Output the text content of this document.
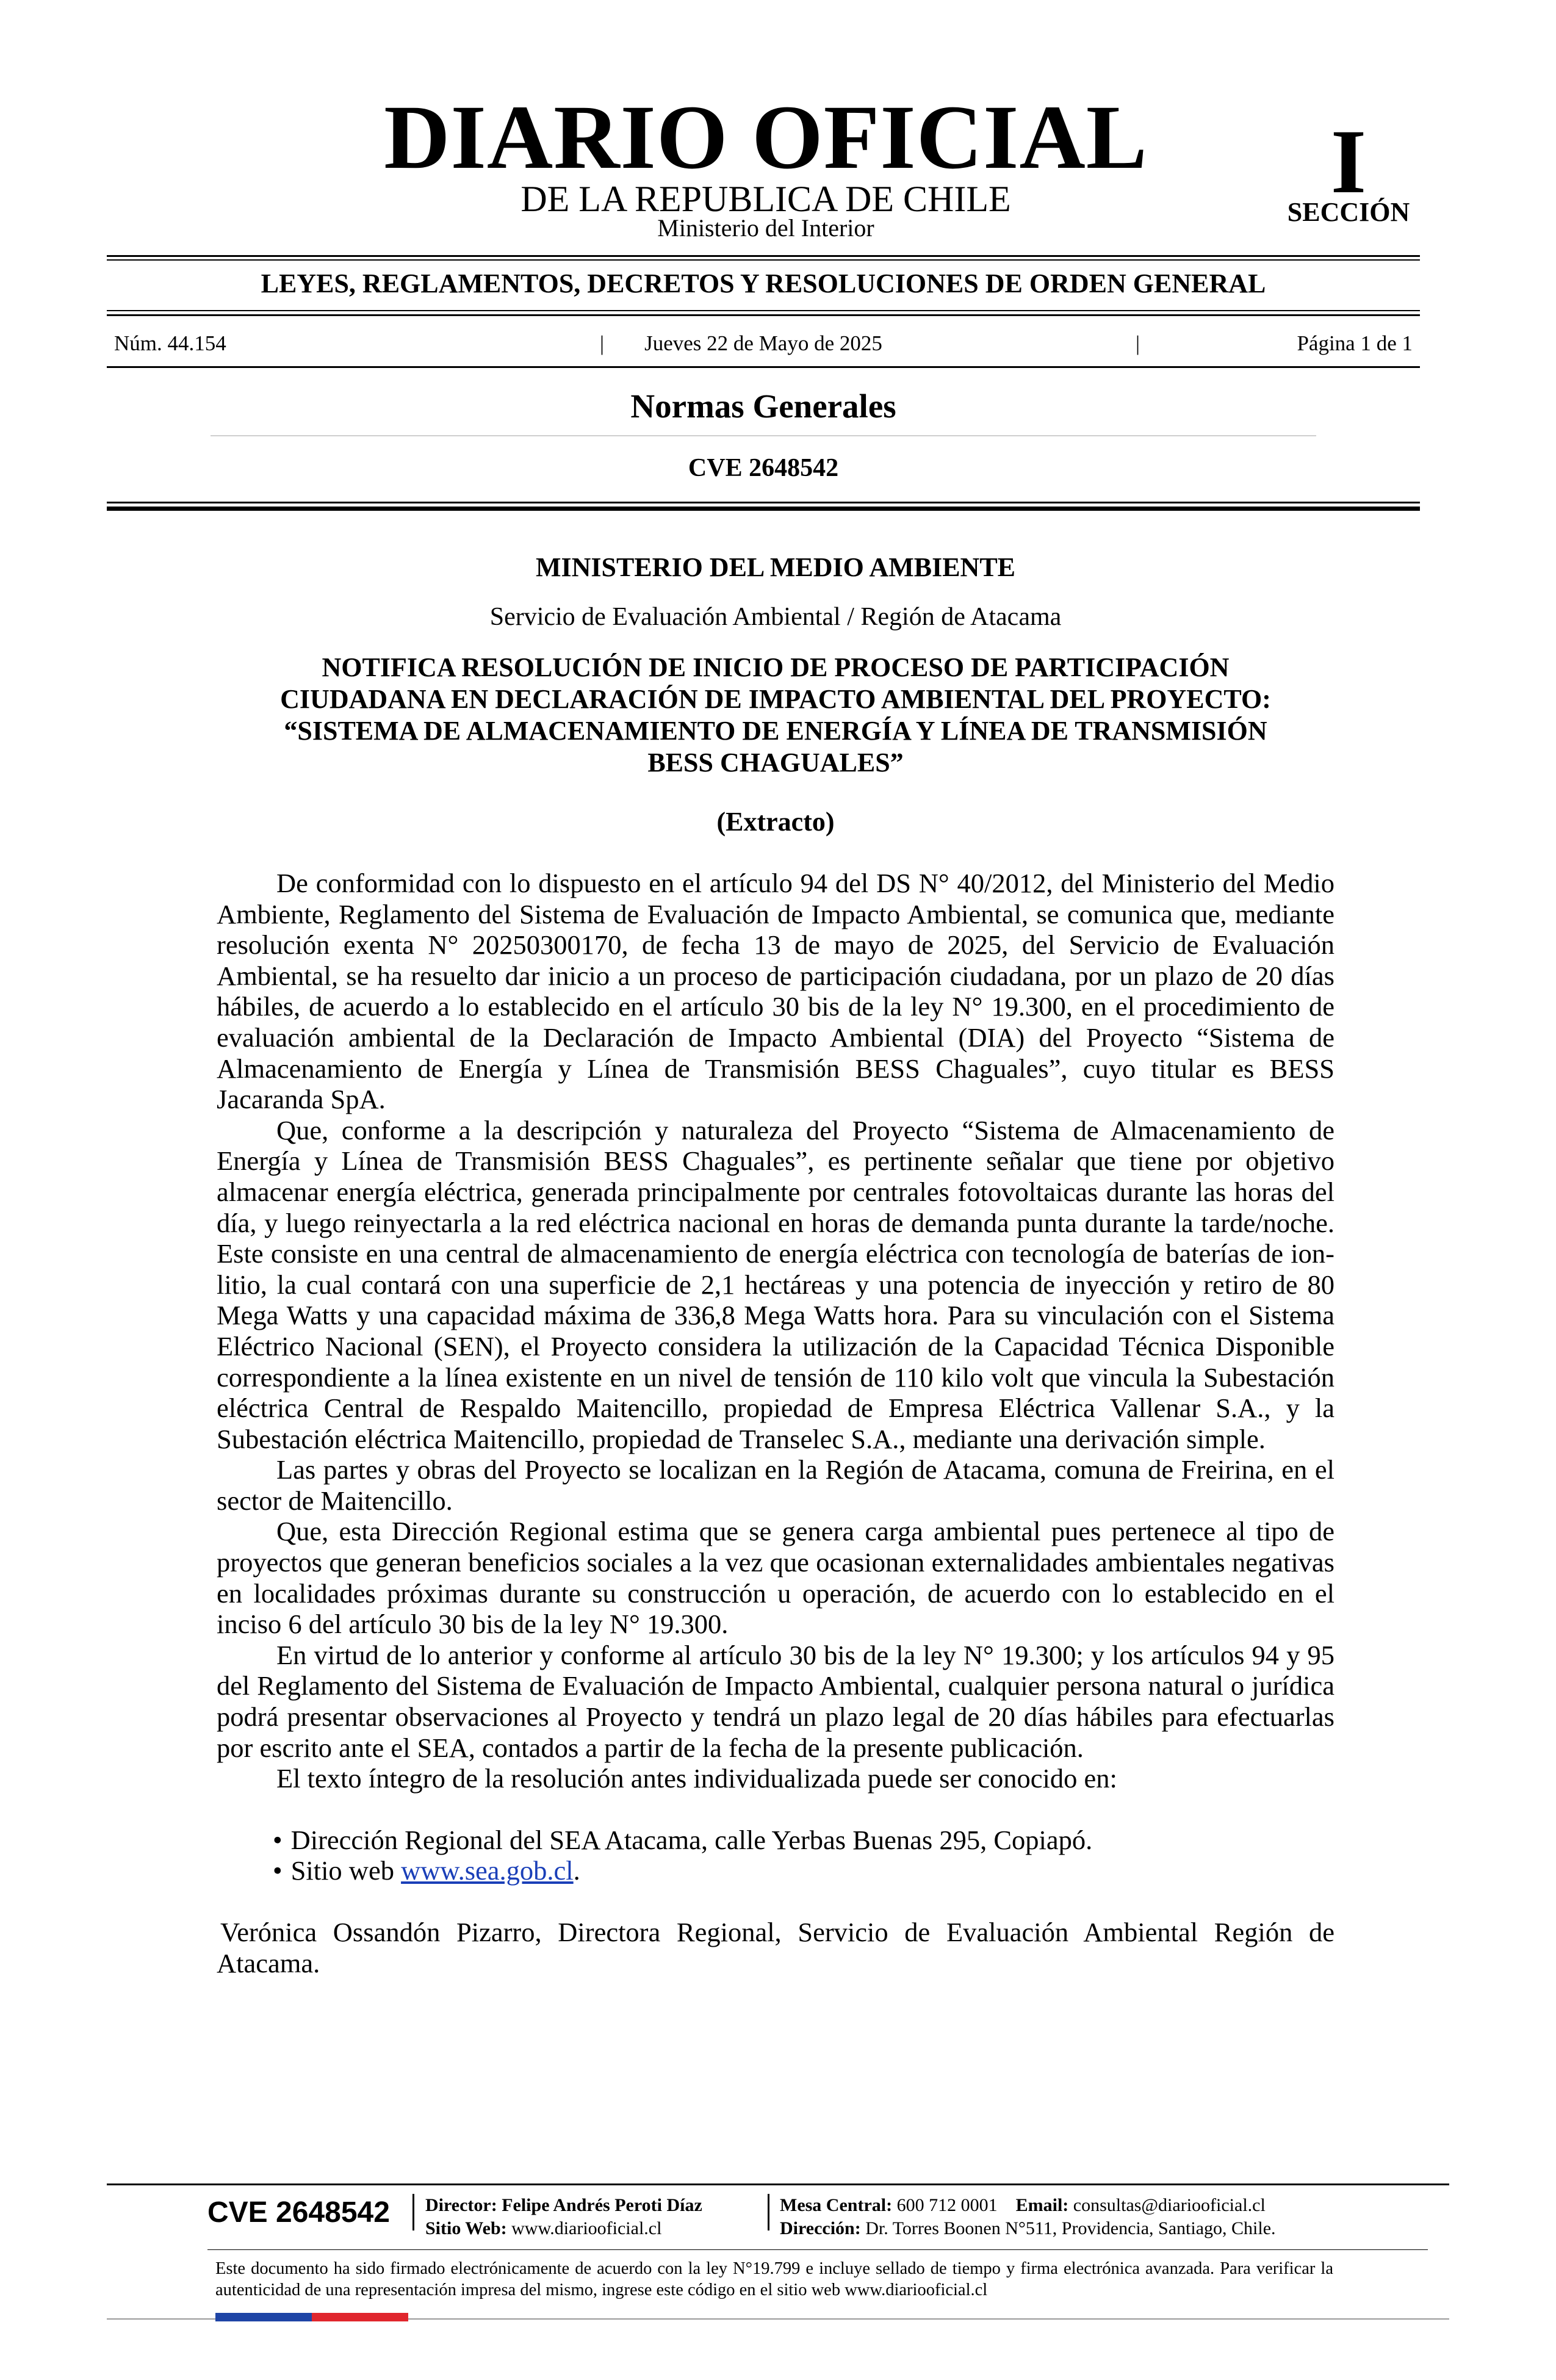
DIARIO OFICIAL
DE LA REPUBLICA DE CHILE
Ministerio del Interior
I
SECCIÓN
LEYES, REGLAMENTOS, DECRETOS Y RESOLUCIONES DE ORDEN GENERAL
Jueves 22 de Mayo de 2025
Núm. 44.154	|	|	Página 1 de 1
Normas Generales
CVE 2648542
MINISTERIO DEL MEDIO AMBIENTE
Servicio de Evaluación Ambiental / Región de Atacama
NOTIFICA RESOLUCIÓN DE INICIO DE PROCESO DE PARTICIPACIÓN
CIUDADANA EN DECLARACIÓN DE IMPACTO AMBIENTAL DEL PROYECTO:
“SISTEMA DE ALMACENAMIENTO DE ENERGÍA Y LÍNEA DE TRANSMISIÓN
BESS CHAGUALES”
(Extracto)

De conformidad con lo dispuesto en el artículo 94 del DS N° 40/2012, del Ministerio del Medio Ambiente, Reglamento del Sistema de Evaluación de Impacto Ambiental, se comunica que, mediante resolución exenta N° 20250300170, de fecha 13 de mayo de 2025, del Servicio de Evaluación Ambiental, se ha resuelto dar inicio a un proceso de participación ciudadana, por un plazo de 20 días hábiles, de acuerdo a lo establecido en el artículo 30 bis de la ley N° 19.300, en el procedimiento de evaluación ambiental de la Declaración de Impacto Ambiental (DIA) del Proyecto “Sistema de Almacenamiento de Energía y Línea de Transmisión BESS Chaguales”, cuyo titular es BESS Jacaranda SpA.

Que, conforme a la descripción y naturaleza del Proyecto “Sistema de Almacenamiento de Energía y Línea de Transmisión BESS Chaguales”, es pertinente señalar que tiene por objetivo almacenar energía eléctrica, generada principalmente por centrales fotovoltaicas durante las horas del día, y luego reinyectarla a la red eléctrica nacional en horas de demanda punta durante la tarde/noche. Este consiste en una central de almacenamiento de energía eléctrica con tecnología de baterías de ion-litio, la cual contará con una superficie de 2,1 hectáreas y una potencia de inyección y retiro de 80 Mega Watts y una capacidad máxima de 336,8 Mega Watts hora. Para su vinculación con el Sistema Eléctrico Nacional (SEN), el Proyecto considera la utilización de la Capacidad Técnica Disponible correspondiente a la línea existente en un nivel de tensión de 110 kilo volt que vincula la Subestación eléctrica Central de Respaldo Maitencillo, propiedad de Empresa Eléctrica Vallenar S.A., y la Subestación eléctrica Maitencillo, propiedad de Transelec S.A., mediante una derivación simple.

Las partes y obras del Proyecto se localizan en la Región de Atacama, comuna de Freirina, en el sector de Maitencillo.

Que, esta Dirección Regional estima que se genera carga ambiental pues pertenece al tipo de proyectos que generan beneficios sociales a la vez que ocasionan externalidades ambientales negativas en localidades próximas durante su construcción u operación, de acuerdo con lo establecido en el inciso 6 del artículo 30 bis de la ley N° 19.300.

En virtud de lo anterior y conforme al artículo 30 bis de la ley N° 19.300; y los artículos 94 y 95 del Reglamento del Sistema de Evaluación de Impacto Ambiental, cualquier persona natural o jurídica podrá presentar observaciones al Proyecto y tendrá un plazo legal de 20 días hábiles para efectuarlas por escrito ante el SEA, contados a partir de la fecha de la presente publicación.

El texto íntegro de la resolución antes individualizada puede ser conocido en:

• Dirección Regional del SEA Atacama, calle Yerbas Buenas 295, Copiapó.
• Sitio web www.sea.gob.cl.

Verónica Ossandón Pizarro, Directora Regional, Servicio de Evaluación Ambiental Región de Atacama.

CVE 2648542	Director: Felipe Andrés Peroti Díaz
Sitio Web: www.diariooficial.cl
Mesa Central: 600 712 0001 Email: consultas@diariooficial.cl
Dirección: Dr. Torres Boonen N°511, Providencia, Santiago, Chile.
Este documento ha sido firmado electrónicamente de acuerdo con la ley N°19.799 e incluye sellado de tiempo y firma electrónica avanzada. Para verificar la autenticidad de una representación impresa del mismo, ingrese este código en el sitio web www.diariooficial.cl
